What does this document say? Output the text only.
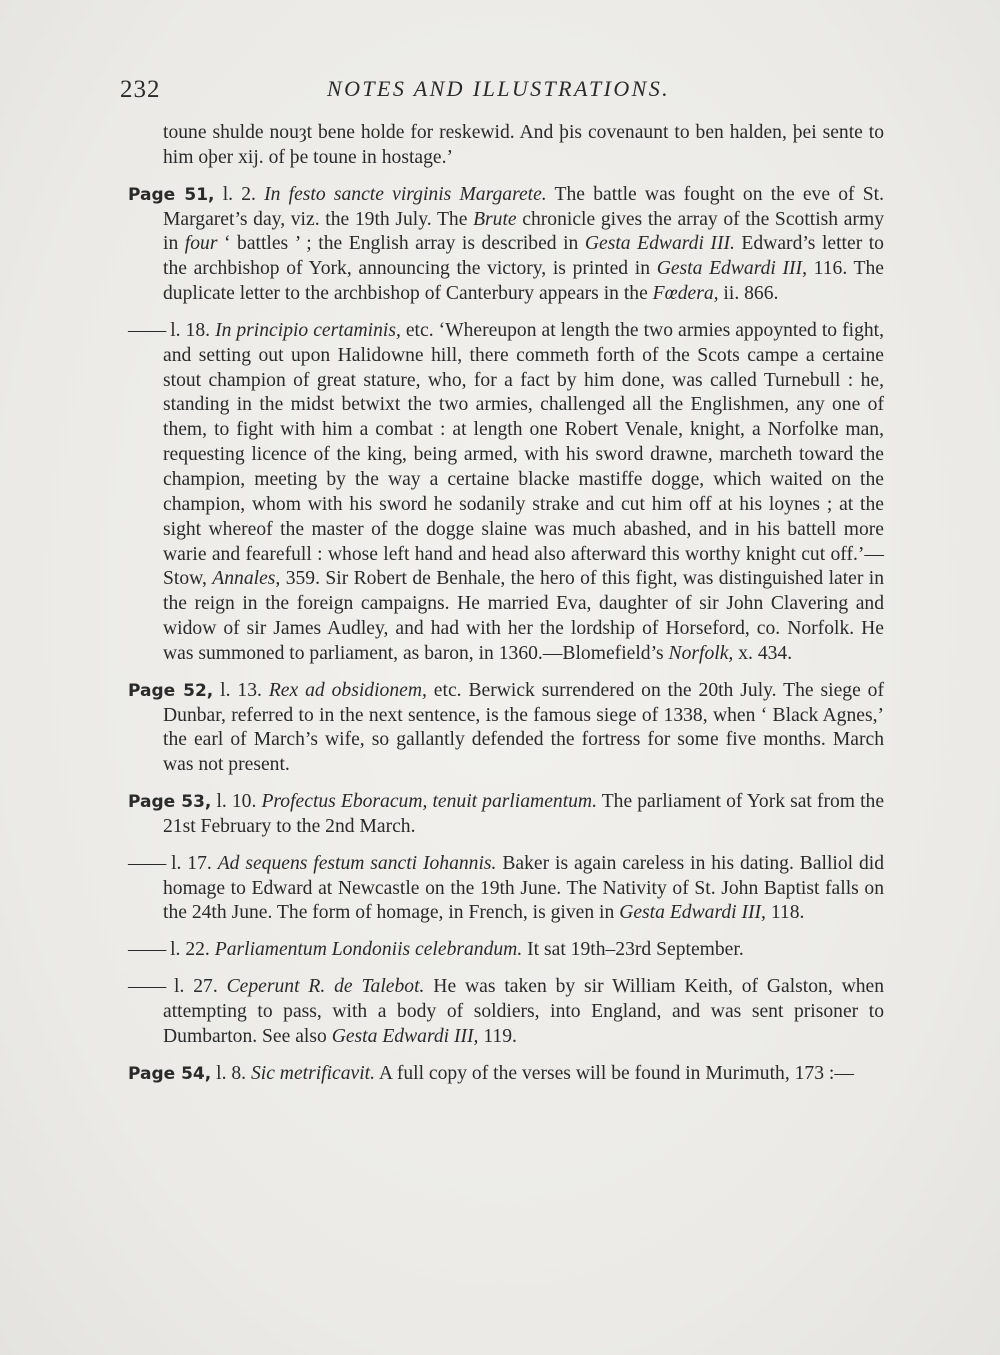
232	NOTES AND ILLUSTRATIONS.

toune shulde nouȝt bene holde for reskewid. And þis covenaunt to ben halden, þei sente to him oþer xij. of þe toune in hostage.’

Page 51, l. 2. In festo sancte virginis Margarete. The battle was fought on the eve of St. Margaret’s day, viz. the 19th July. The Brute chronicle gives the array of the Scottish army in four ‘ battles ’ ; the English array is described in Gesta Edwardi III. Edward’s letter to the archbishop of York, announcing the victory, is printed in Gesta Edwardi III, 116. The duplicate letter to the archbishop of Canterbury appears in the Fœdera, ii. 866.

—— l. 18. In principio certaminis, etc. ‘Whereupon at length the two armies appoynted to fight, and setting out upon Halidowne hill, there commeth forth of the Scots campe a certaine stout champion of great stature, who, for a fact by him done, was called Turnebull : he, standing in the midst betwixt the two armies, challenged all the Englishmen, any one of them, to fight with him a combat : at length one Robert Venale, knight, a Norfolke man, requesting licence of the king, being armed, with his sword drawne, marcheth toward the champion, meeting by the way a certaine blacke mastiffe dogge, which waited on the champion, whom with his sword he sodanily strake and cut him off at his loynes ; at the sight whereof the master of the dogge slaine was much abashed, and in his battell more warie and fearefull : whose left hand and head also afterward this worthy knight cut off.’—Stow, Annales, 359. Sir Robert de Benhale, the hero of this fight, was distinguished later in the reign in the foreign campaigns. He married Eva, daughter of sir John Clavering and widow of sir James Audley, and had with her the lordship of Horseford, co. Norfolk. He was summoned to parliament, as baron, in 1360.—Blomefield’s Norfolk, x. 434.

Page 52, l. 13. Rex ad obsidionem, etc. Berwick surrendered on the 20th July. The siege of Dunbar, referred to in the next sentence, is the famous siege of 1338, when ‘ Black Agnes,’ the earl of March’s wife, so gallantly defended the fortress for some five months. March was not present.

Page 53, l. 10. Profectus Eboracum, tenuit parliamentum. The parliament of York sat from the 21st February to the 2nd March.

—— l. 17. Ad sequens festum sancti Iohannis. Baker is again careless in his dating. Balliol did homage to Edward at Newcastle on the 19th June. The Nativity of St. John Baptist falls on the 24th June. The form of homage, in French, is given in Gesta Edwardi III, 118.

—— l. 22. Parliamentum Londoniis celebrandum. It sat 19th–23rd September.

—— l. 27. Ceperunt R. de Talebot. He was taken by sir William Keith, of Galston, when attempting to pass, with a body of soldiers, into England, and was sent prisoner to Dumbarton. See also Gesta Edwardi III, 119.

Page 54, l. 8. Sic metrificavit. A full copy of the verses will be found in Murimuth, 173 :—
